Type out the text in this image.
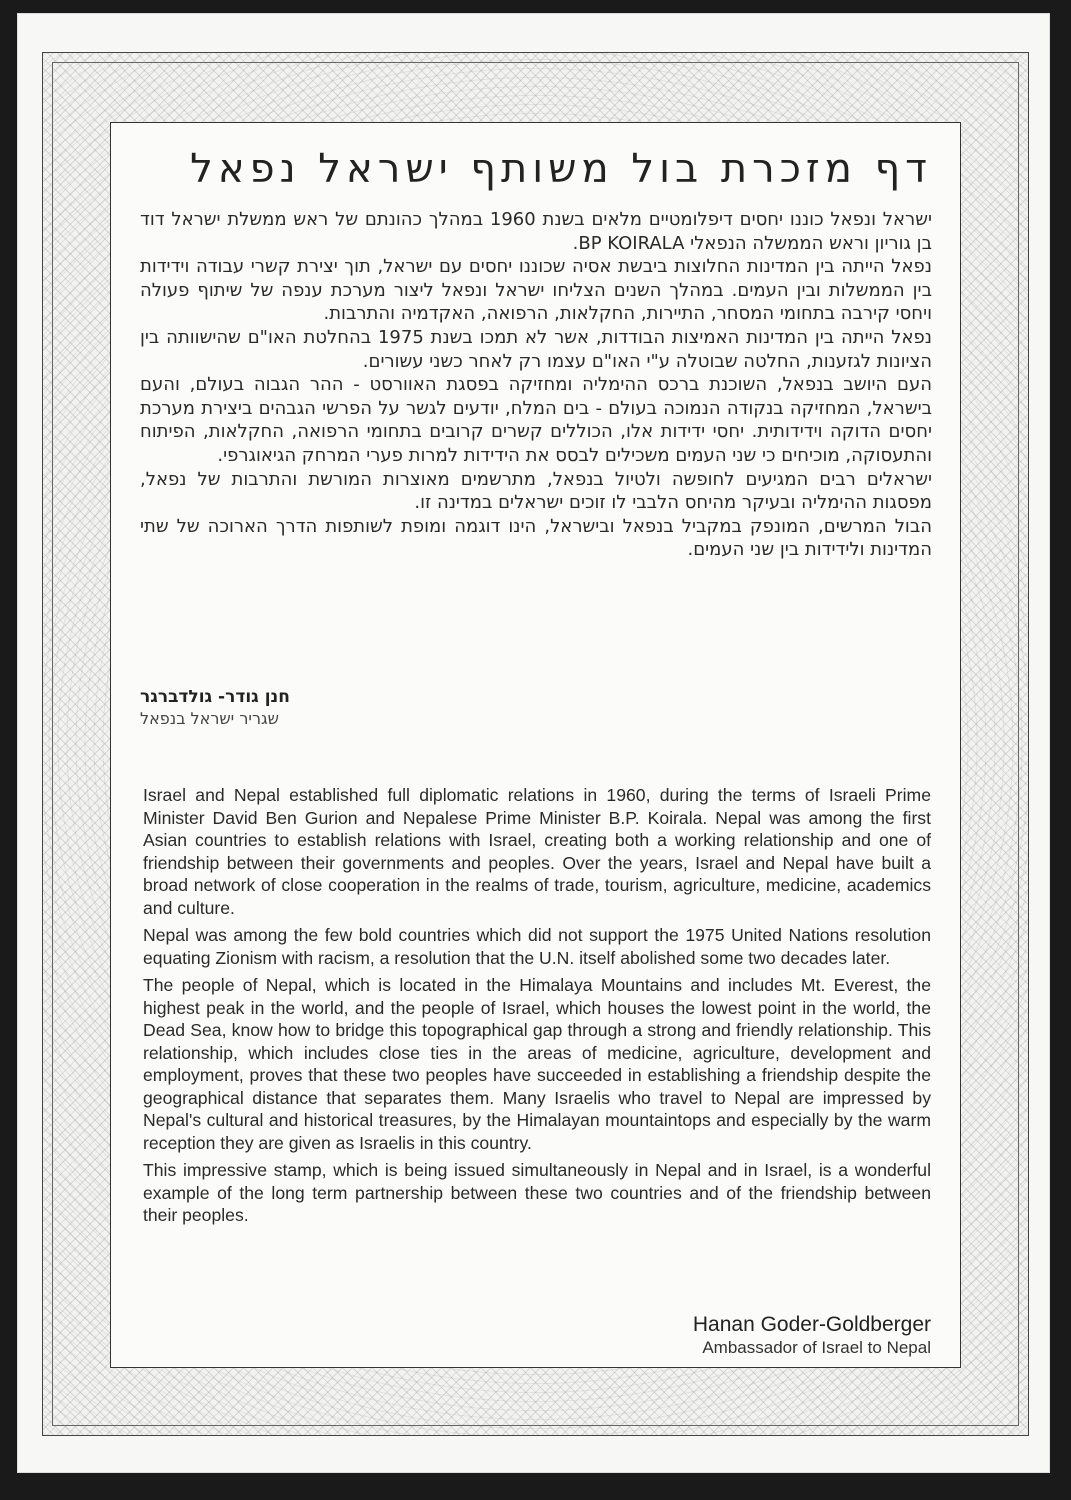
דף מזכרת בול משותף ישראל נפאל

ישראל ונפאל כוננו יחסים דיפלומטיים מלאים בשנת 1960 במהלך כהונתם של ראש ממשלת ישראל דוד בן גוריון וראש הממשלה הנפאלי BP KOIRALA.

נפאל הייתה בין המדינות החלוצות ביבשת אסיה שכוננו יחסים עם ישראל, תוך יצירת קשרי עבודה וידידות בין הממשלות ובין העמים. במהלך השנים הצליחו ישראל ונפאל ליצור מערכת ענפה של שיתוף פעולה ויחסי קירבה בתחומי המסחר, התיירות, החקלאות, הרפואה, האקדמיה והתרבות.

נפאל הייתה בין המדינות האמיצות הבודדות, אשר לא תמכו בשנת 1975 בהחלטת האו"ם שהישוותה בין הציונות לגזענות, החלטה שבוטלה ע"י האו"ם עצמו רק לאחר כשני עשורים.

העם היושב בנפאל, השוכנת ברכס ההימליה ומחזיקה בפסגת האוורסט - ההר הגבוה בעולם, והעם בישראל, המחזיקה בנקודה הנמוכה בעולם - בים המלח, יודעים לגשר על הפרשי הגבהים ביצירת מערכת יחסים הדוקה וידידותית. יחסי ידידות אלו, הכוללים קשרים קרובים בתחומי הרפואה, החקלאות, הפיתוח והתעסוקה, מוכיחים כי שני העמים משכילים לבסס את הידידות למרות פערי המרחק הגיאוגרפי.

ישראלים רבים המגיעים לחופשה ולטיול בנפאל, מתרשמים מאוצרות המורשת והתרבות של נפאל, מפסגות ההימליה ובעיקר מהיחס הלבבי לו זוכים ישראלים במדינה זו.

הבול המרשים, המונפק במקביל בנפאל ובישראל, הינו דוגמה ומופת לשותפות הדרך הארוכה של שתי המדינות ולידידות בין שני העמים.

חנן גודר- גולדברגר
שגריר ישראל בנפאל

Israel and Nepal established full diplomatic relations in 1960, during the terms of Israeli Prime Minister David Ben Gurion and Nepalese Prime Minister B.P. Koirala. Nepal was among the first Asian countries to establish relations with Israel, creating both a working relationship and one of friendship between their governments and peoples. Over the years, Israel and Nepal have built a broad network of close cooperation in the realms of trade, tourism, agriculture, medicine, academics and culture.

Nepal was among the few bold countries which did not support the 1975 United Nations resolution equating Zionism with racism, a resolution that the U.N. itself abolished some two decades later.

The people of Nepal, which is located in the Himalaya Mountains and includes Mt. Everest, the highest peak in the world, and the people of Israel, which houses the lowest point in the world, the Dead Sea, know how to bridge this topographical gap through a strong and friendly relationship. This relationship, which includes close ties in the areas of medicine, agriculture, development and employment, proves that these two peoples have succeeded in establishing a friendship despite the geographical distance that separates them. Many Israelis who travel to Nepal are impressed by Nepal's cultural and historical treasures, by the Himalayan mountaintops and especially by the warm reception they are given as Israelis in this country.

This impressive stamp, which is being issued simultaneously in Nepal and in Israel, is a wonderful example of the long term partnership between these two countries and of the friendship between their peoples.

Hanan Goder-Goldberger
Ambassador of Israel to Nepal
